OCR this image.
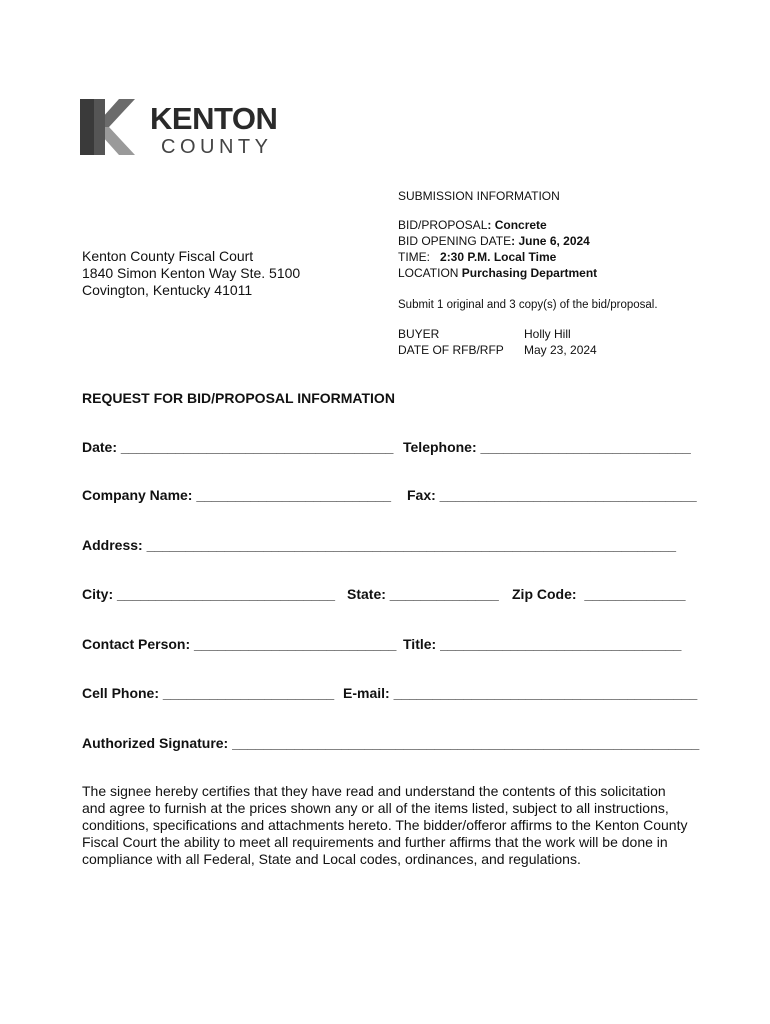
KENTON
COUNTY
SUBMISSION INFORMATION
BID/PROPOSAL: Concrete
BID OPENING DATE: June 6, 2024
TIME: 2:30 P.M. Local Time
LOCATION Purchasing Department
Submit 1 original and 3 copy(s) of the bid/proposal.
BUYER	Holly Hill
DATE OF RFB/RFP	May 23, 2024
Kenton County Fiscal Court
1840 Simon Kenton Way Ste. 5100
Covington, Kentucky 41011
REQUEST FOR BID/PROPOSAL INFORMATION
Date: ___________________________________ Telephone: ___________________________
Company Name: _________________________ Fax: _________________________________
Address: ____________________________________________________________________
City: ____________________________ State: ______________ Zip Code:  _____________
Contact Person: __________________________ Title: _______________________________
Cell Phone: ______________________ E-mail: _______________________________________
Authorized Signature: ____________________________________________________________
The signee hereby certifies that they have read and understand the contents of this solicitation and agree to furnish at the prices shown any or all of the items listed, subject to all instructions, conditions, specifications and attachments hereto. The bidder/offeror affirms to the Kenton County Fiscal Court the ability to meet all requirements and further affirms that the work will be done in compliance with all Federal, State and Local codes, ordinances, and regulations.
